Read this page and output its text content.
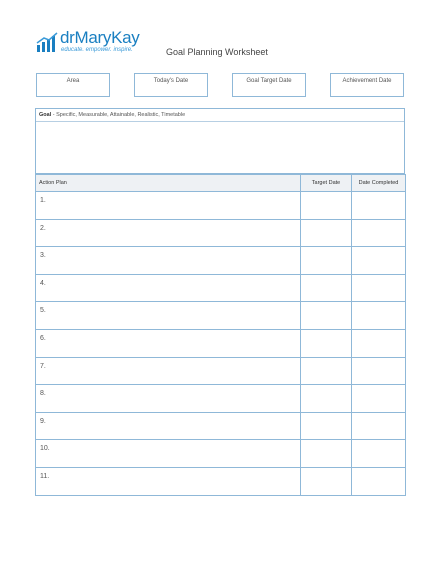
drMaryKay
educate. empower. inspire.	Goal Planning Worksheet
Area	Today's Date	Goal Target Date	Achievement Date
Goal - Specific, Measurable, Attainable, Realistic, Timetable
Action Plan	Target Date	Date Completed
1.		
2.		
3.		
4.		
5.		
6.		
7.		
8.		
9.		
10.		
11.		
